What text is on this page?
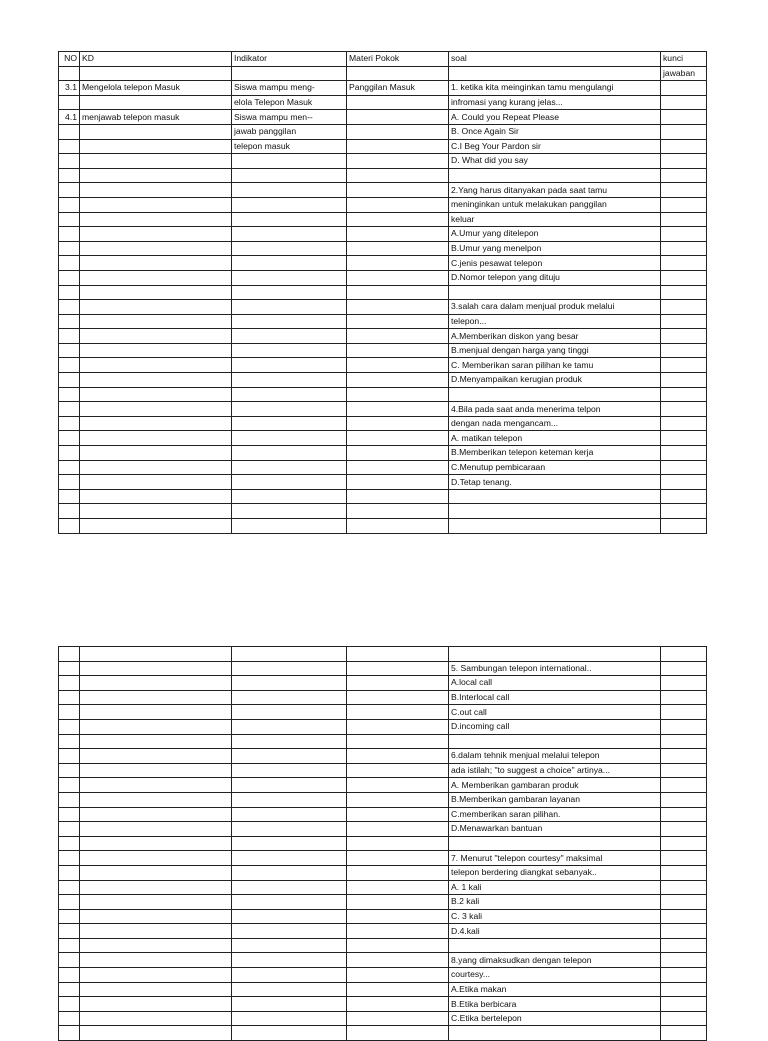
NO	KD	Indikator	Materi Pokok	soal	kunci
					jawaban
3.1	Mengelola telepon Masuk	Siswa mampu meng-	Panggilan Masuk	1. ketika kita meinginkan tamu mengulangi	
		elola Telepon Masuk		infromasi yang kurang jelas...	
4.1	menjawab telepon masuk	Siswa mampu men--		A. Could you Repeat Please	
		jawab panggilan		B. Once Again Sir	
		telepon masuk		C.I Beg Your Pardon sir	
				D. What did you say	

				2.Yang harus ditanyakan pada saat tamu	
				meninginkan untuk melakukan panggilan	
				keluar	
				A.Umur yang ditelepon	
				B.Umur yang menelpon	
				C.jenis pesawat telepon	
				D.Nomor telepon yang dituju	

				3.salah cara dalam menjual produk melalui	
				telepon...	
				A.Memberikan diskon yang besar	
				B.menjual dengan harga yang tinggi	
				C. Memberikan saran pilihan ke tamu	
				D.Menyampaikan kerugian produk	

				4.Bila pada saat anda menerima telpon	
				dengan nada mengancam...	
				A. matikan telepon	
				B.Memberikan telepon keteman kerja	
				C.Menutup pembicaraan	
				D.Tetap tenang.	

				5. Sambungan telepon international..	
				A.local call	
				B.Interlocal call	
				C.out call	
				D.incoming call	

				6.dalam tehnik menjual melalui telepon	
				ada istilah; "to suggest a choice" artinya...	
				A. Memberikan gambaran produk	
				B.Memberikan gambaran layanan	
				C.memberikan saran pilihan.	
				D.Menawarkan bantuan	

				7. Menurut "telepon courtesy" maksimal	
				telepon berdering diangkat sebanyak..	
				A. 1 kali	
				B.2 kali	
				C. 3 kali	
				D.4.kali	

				8.yang dimaksudkan dengan telepon	
				courtesy...	
				A.Etika makan	
				B.Etika berbicara	
				C.Etika bertelepon	
